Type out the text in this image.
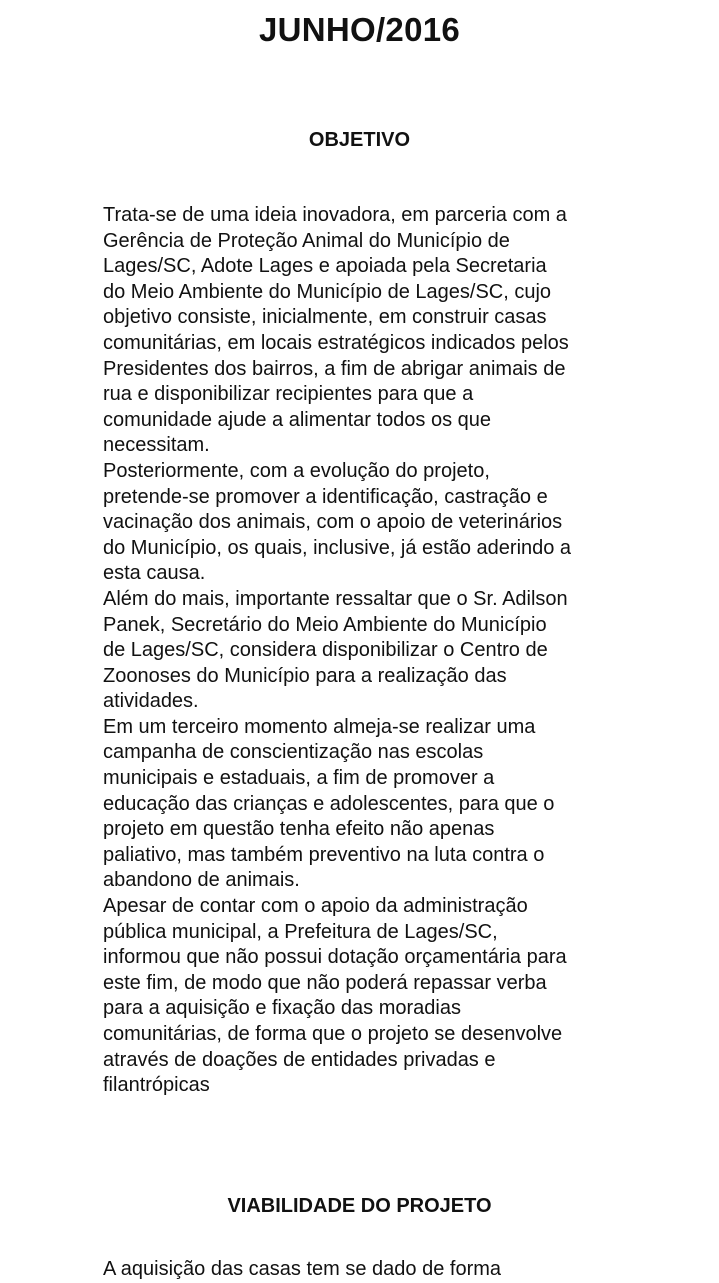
JUNHO/2016
OBJETIVO
Trata-se de uma ideia inovadora, em parceria com a
Gerência de Proteção Animal do Município de
Lages/SC, Adote Lages e apoiada pela Secretaria
do Meio Ambiente do Município de Lages/SC, cujo
objetivo consiste, inicialmente, em construir casas
comunitárias, em locais estratégicos indicados pelos
Presidentes dos bairros, a fim de abrigar animais de
rua e disponibilizar recipientes para que a
comunidade ajude a alimentar todos os que
necessitam.
Posteriormente, com a evolução do projeto,
pretende-se promover a identificação, castração e
vacinação dos animais, com o apoio de veterinários
do Município, os quais, inclusive, já estão aderindo a
esta causa.
Além do mais, importante ressaltar que o Sr. Adilson
Panek, Secretário do Meio Ambiente do Município
de Lages/SC, considera disponibilizar o Centro de
Zoonoses do Município para a realização das
atividades.
Em um terceiro momento almeja-se realizar uma
campanha de conscientização nas escolas
municipais e estaduais, a fim de promover a
educação das crianças e adolescentes, para que o
projeto em questão tenha efeito não apenas
paliativo, mas também preventivo na luta contra o
abandono de animais.
Apesar de contar com o apoio da administração
pública municipal, a Prefeitura de Lages/SC,
informou que não possui dotação orçamentária para
este fim, de modo que não poderá repassar verba
para a aquisição e fixação das moradias
comunitárias, de forma que o projeto se desenvolve
através de doações de entidades privadas e
filantrópicas
VIABILIDADE DO PROJETO
A aquisição das casas tem se dado de forma
